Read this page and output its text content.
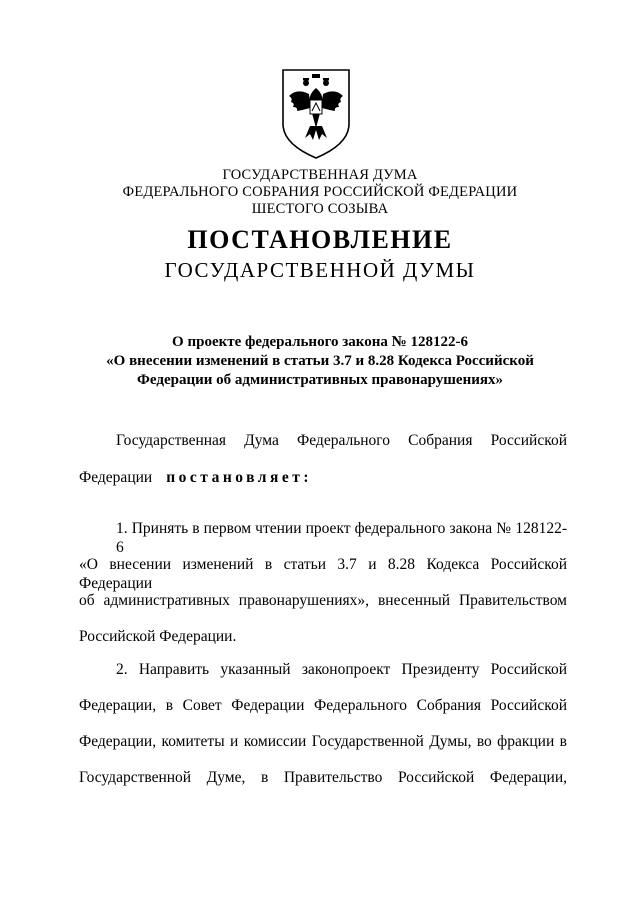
ГОСУДАРСТВЕННАЯ ДУМА
ФЕДЕРАЛЬНОГО СОБРАНИЯ РОССИЙСКОЙ ФЕДЕРАЦИИ
ШЕСТОГО СОЗЫВА
ПОСТАНОВЛЕНИЕ
ГОСУДАРСТВЕННОЙ ДУМЫ
О проекте федерального закона № 128122-6
«О внесении изменений в статьи 3.7 и 8.28 Кодекса Российской
Федерации об административных правонарушениях»
Государственная Дума Федерального Собрания Российской
Федерации постановляет:
1. Принять в первом чтении проект федерального закона № 128122-6
«О внесении изменений в статьи 3.7 и 8.28 Кодекса Российской Федерации
об административных правонарушениях», внесенный Правительством
Российской Федерации.
2. Направить указанный законопроект Президенту Российской
Федерации, в Совет Федерации Федерального Собрания Российской
Федерации, комитеты и комиссии Государственной Думы, во фракции в
Государственной Думе, в Правительство Российской Федерации,
